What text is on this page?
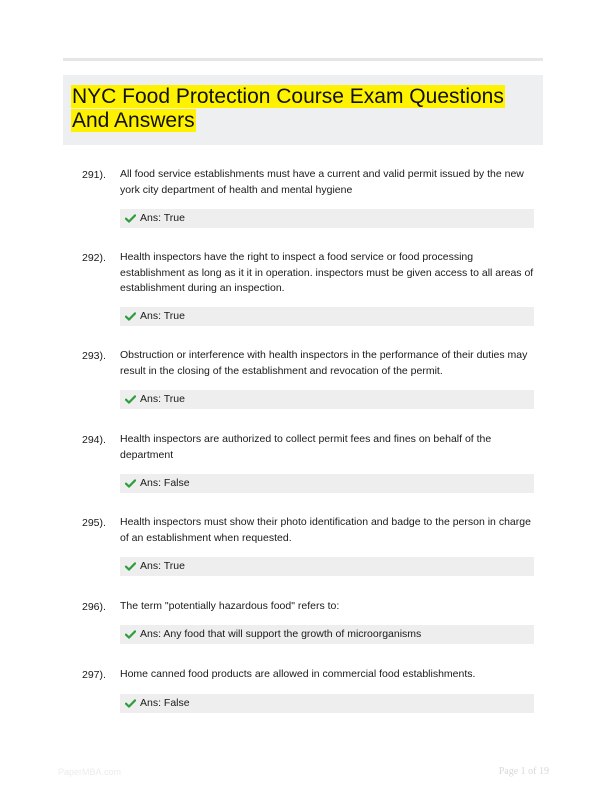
NYC Food Protection Course Exam Questions And Answers
291). All food service establishments must have a current and valid permit issued by the new york city department of health and mental hygiene
Ans: True
292). Health inspectors have the right to inspect a food service or food processing establishment as long as it it in operation. inspectors must be given access to all areas of establishment during an inspection.
Ans: True
293). Obstruction or interference with health inspectors in the performance of their duties may result in the closing of the establishment and revocation of the permit.
Ans: True
294). Health inspectors are authorized to collect permit fees and fines on behalf of the department
Ans: False
295). Health inspectors must show their photo identification and badge to the person in charge of an establishment when requested.
Ans: True
296). The term "potentially hazardous food" refers to:
Ans: Any food that will support the growth of microorganisms
297). Home canned food products are allowed in commercial food establishments.
Ans: False
PaperMBA.com	Page 1 of 19
